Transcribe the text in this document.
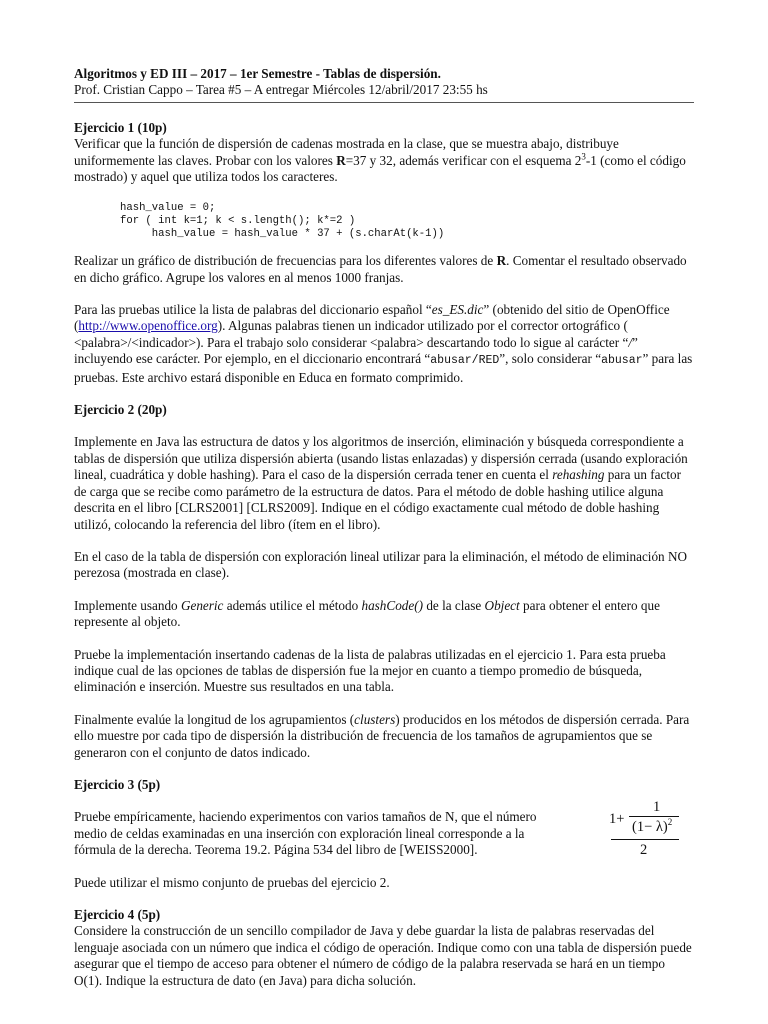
Algoritmos y ED III – 2017 – 1er Semestre - Tablas de dispersión.

Prof. Cristian Cappo – Tarea #5 – A entregar Miércoles 12/abril/2017 23:55 hs

Ejercicio 1 (10p)

Verificar que la función de dispersión de cadenas mostrada en la clase, que se muestra abajo, distribuye uniformemente las claves. Probar con los valores R=37 y 32, además verificar con el esquema $2^3-1$ (como el código mostrado) y aquel que utiliza todos los caracteres.

hash_value = 0;
for ( int k=1; k < s.length(); k*=2 )
hash_value = hash_value * 37 + (s.charAt(k-1))

Realizar un gráfico de distribución de frecuencias para los diferentes valores de R. Comentar el resultado observado en dicho gráfico. Agrupe los valores en al menos 1000 franjas.

Para las pruebas utilice la lista de palabras del diccionario español “es_ES.dic” (obtenido del sitio de OpenOffice (http://www.openoffice.org). Algunas palabras tienen un indicador utilizado por el corrector ortográfico ( <palabra>/<indicador>). Para el trabajo solo considerar <palabra> descartando todo lo sigue al carácter “/” incluyendo ese carácter. Por ejemplo, en el diccionario encontrará “abusar/RED”, solo considerar “abusar” para las pruebas. Este archivo estará disponible en Educa en formato comprimido.

Ejercicio 2 (20p)

Implemente en Java las estructura de datos y los algoritmos de inserción, eliminación y búsqueda correspondiente a tablas de dispersión que utiliza dispersión abierta (usando listas enlazadas) y dispersión cerrada (usando exploración lineal, cuadrática y doble hashing). Para el caso de la dispersión cerrada tener en cuenta el rehashing para un factor de carga que se recibe como parámetro de la estructura de datos. Para el método de doble hashing utilice alguna descrita en el libro [CLRS2001] [CLRS2009]. Indique en el código exactamente cual método de doble hashing utilizó, colocando la referencia del libro (ítem en el libro).

En el caso de la tabla de dispersión con exploración lineal utilizar para la eliminación, el método de eliminación NO perezosa (mostrada en clase).

Implemente usando Generic además utilice el método hashCode() de la clase Object para obtener el entero que represente al objeto.

Pruebe la implementación insertando cadenas de la lista de palabras utilizadas en el ejercicio 1. Para esta prueba indique cual de las opciones de tablas de dispersión fue la mejor en cuanto a tiempo promedio de búsqueda, eliminación e inserción. Muestre sus resultados en una tabla.

Finalmente evalúe la longitud de los agrupamientos (clusters) producidos en los métodos de dispersión cerrada. Para ello muestre por cada tipo de dispersión la distribución de frecuencia de los tamaños de agrupamientos que se generaron con el conjunto de datos indicado.

Ejercicio 3 (5p)

Pruebe empíricamente, haciendo experimentos con varios tamaños de N, que el número medio de celdas examinadas en una inserción con exploración lineal corresponde a la fórmula de la derecha. Teorema 19.2. Página 534 del libro de [WEISS2000].

1+
1
$(1- \lambda)^2$
2

Puede utilizar el mismo conjunto de pruebas del ejercicio 2.

Ejercicio 4 (5p)

Considere la construcción de un sencillo compilador de Java y debe guardar la lista de palabras reservadas del lenguaje asociada con un número que indica el código de operación. Indique como con una tabla de dispersión puede asegurar que el tiempo de acceso para obtener el número de código de la palabra reservada se hará en un tiempo O(1). Indique la estructura de dato (en Java) para dicha solución.
